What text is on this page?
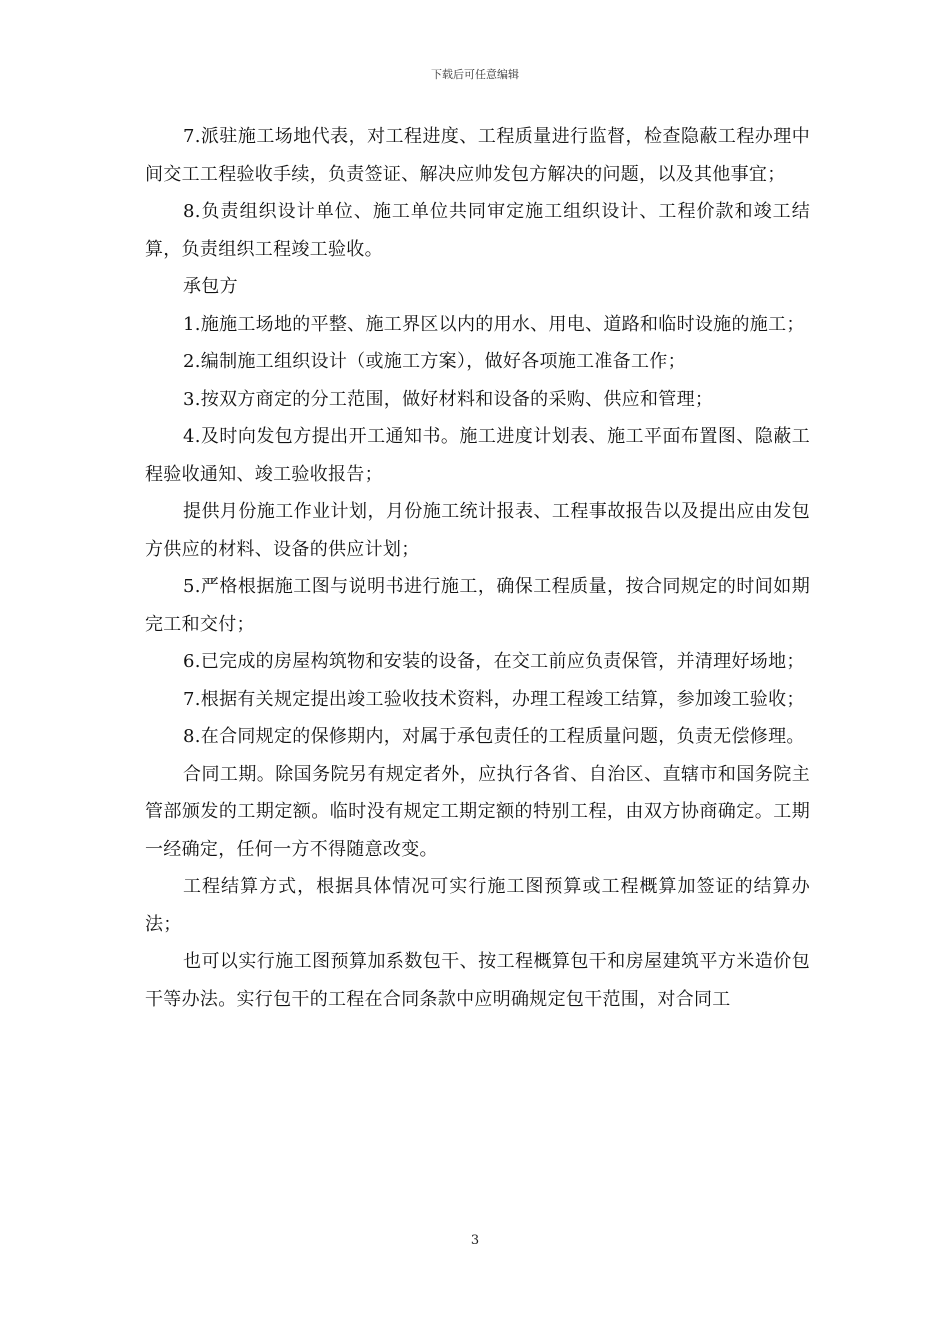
下载后可任意编辑

7.派驻施工场地代表，对工程进度、工程质量进行监督，检查隐蔽工程办理中间交工工程验收手续，负责签证、解决应帅发包方解决的问题，以及其他事宜；

8.负责组织设计单位、施工单位共同审定施工组织设计、工程价款和竣工结算，负责组织工程竣工验收。

承包方

1.施施工场地的平整、施工界区以内的用水、用电、道路和临时设施的施工；

2.编制施工组织设计（或施工方案），做好各项施工准备工作；

3.按双方商定的分工范围，做好材料和设备的采购、供应和管理；

4.及时向发包方提出开工通知书。施工进度计划表、施工平面布置图、隐蔽工程验收通知、竣工验收报告；

提供月份施工作业计划，月份施工统计报表、工程事故报告以及提出应由发包方供应的材料、设备的供应计划；

5.严格根据施工图与说明书进行施工，确保工程质量，按合同规定的时间如期完工和交付；

6.已完成的房屋构筑物和安装的设备，在交工前应负责保管，并清理好场地；

7.根据有关规定提出竣工验收技术资料，办理工程竣工结算，参加竣工验收；

8.在合同规定的保修期内，对属于承包责任的工程质量问题，负责无偿修理。

合同工期。除国务院另有规定者外，应执行各省、自治区、直辖市和国务院主管部颁发的工期定额。临时没有规定工期定额的特别工程，由双方协商确定。工期一经确定，任何一方不得随意改变。

工程结算方式，根据具体情况可实行施工图预算或工程概算加签证的结算办法；

也可以实行施工图预算加系数包干、按工程概算包干和房屋建筑平方米造价包干等办法。实行包干的工程在合同条款中应明确规定包干范围，对合同工

3
